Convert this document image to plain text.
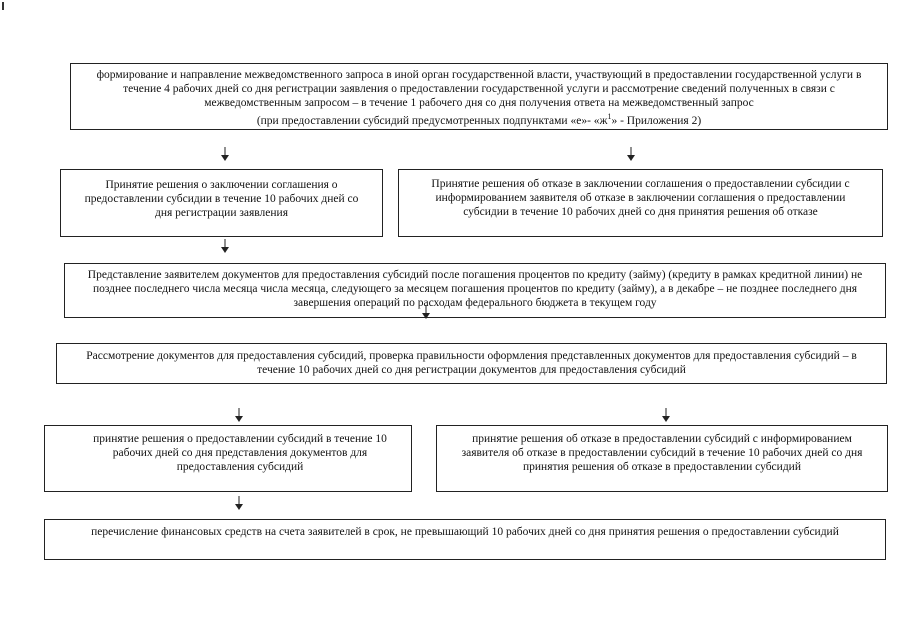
формирование и направление межведомственного запроса в иной орган государственной власти, участвующий в предоставлении государственной услуги в течение 4 рабочих дней со дня регистрации заявления о предоставлении государственной услуги и рассмотрение сведений полученных в связи с межведомственным запросом – в течение 1 рабочего дня со дня получения ответа на межведомственный запрос

(при предоставлении субсидий предусмотренных подпунктами «е»- «$ж^1$» - Приложения 2)

Принятие решения о заключении соглашения о предоставлении субсидии в течение 10 рабочих дней со дня регистрации заявления

Принятие решения об отказе в заключении соглашения о предоставлении субсидии с информированием заявителя об отказе в заключении соглашения о предоставлении субсидии в течение 10 рабочих дней со дня принятия решения об отказе

Представление заявителем документов для предоставления субсидий после погашения процентов по кредиту (займу) (кредиту в рамках кредитной линии) не позднее последнего числа месяца числа месяца, следующего за месяцем погашения процентов по кредиту (займу), а в декабре – не позднее последнего дня завершения операций по расходам федерального бюджета в текущем году

Рассмотрение документов для предоставления субсидий, проверка правильности оформления представленных документов для предоставления субсидий – в течение 10 рабочих дней со дня регистрации документов для предоставления субсидий

принятие решения о предоставлении субсидий в течение 10 рабочих дней со дня представления документов для предоставления субсидий

принятие решения об отказе в предоставлении субсидий с информированием заявителя об отказе в предоставлении субсидий в течение 10 рабочих дней со дня принятия решения об отказе в предоставлении субсидий

перечисление финансовых средств на счета заявителей в срок, не превышающий 10 рабочих дней со дня принятия решения о предоставлении субсидий
